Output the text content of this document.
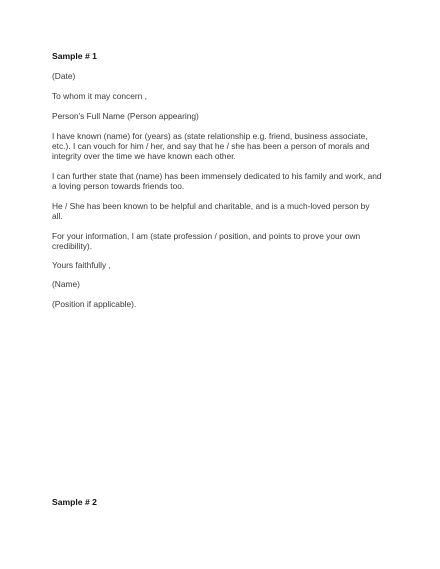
Sample # 1

(Date)

To whom it may concern ,

Person's Full Name (Person appearing)

I have known (name) for (years) as (state relationship e.g. friend, business associate, etc.). I can vouch for him / her, and say that he / she has been a person of morals and integrity over the time we have known each other.

I can further state that (name) has been immensely dedicated to his family and work, and a loving person towards friends too.

He / She has been known to be helpful and charitable, and is a much-loved person by all.

For your information, I am (state profession / position, and points to prove your own credibility).

Yours faithfully ,

(Name)

(Position if applicable).

Sample # 2
